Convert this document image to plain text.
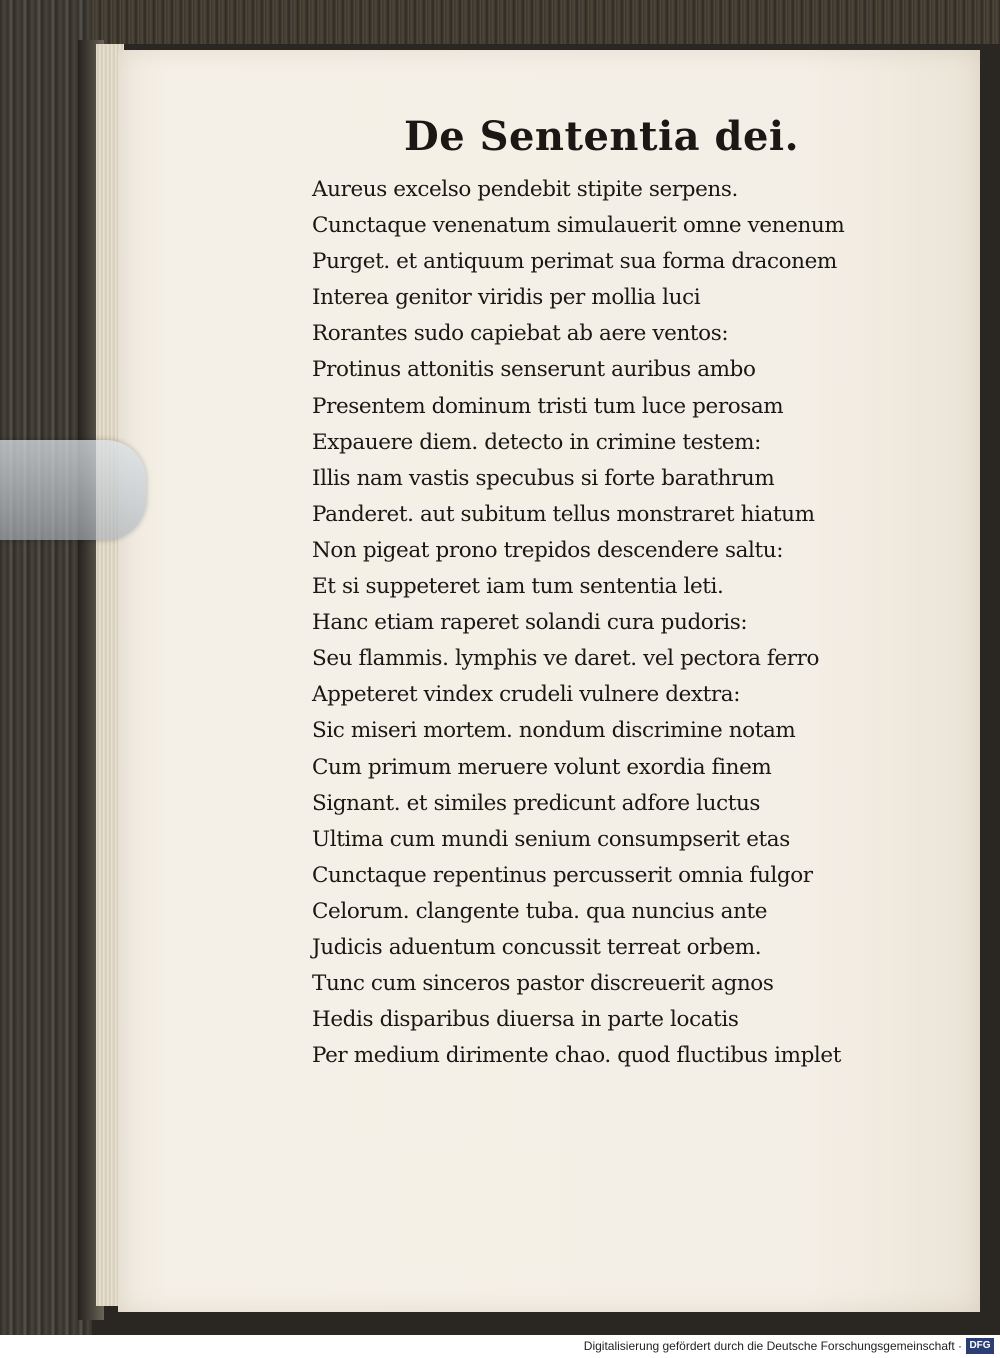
De Sententia dei.
Aureus excelso pendebit stipite serpens.
Cunctaque venenatum simulauerit omne venenum
Purget. et antiquum perimat sua forma draconem
Interea genitor viridis per mollia luci
Rorantes sudo capiebat ab aere ventos:
Protinus attonitis senserunt auribus ambo
Presentem dominum tristi tum luce perosam
Expauere diem. detecto in crimine testem:
Illis nam vastis specubus si forte barathrum
Panderet. aut subitum tellus monstraret hiatum
Non pigeat prono trepidos descendere saltu:
Et si suppeteret iam tum sententia leti.
Hanc etiam raperet solandi cura pudoris:
Seu flammis. lymphis ve daret. vel pectora ferro
Appeteret vindex crudeli vulnere dextra:
Sic miseri mortem. nondum discrimine notam
Cum primum meruere volunt exordia finem
Signant. et similes predicunt adfore luctus
Ultima cum mundi senium consumpserit etas
Cunctaque repentinus percusserit omnia fulgor
Celorum. clangente tuba. qua nuncius ante
Judicis aduentum concussit terreat orbem.
Tunc cum sinceros pastor discreuerit agnos
Hedis disparibus diuersa in parte locatis
Per medium dirimente chao. quod fluctibus implet
Digitalisierung gefördert durch die Deutsche Forschungsgemeinschaft · DFG
